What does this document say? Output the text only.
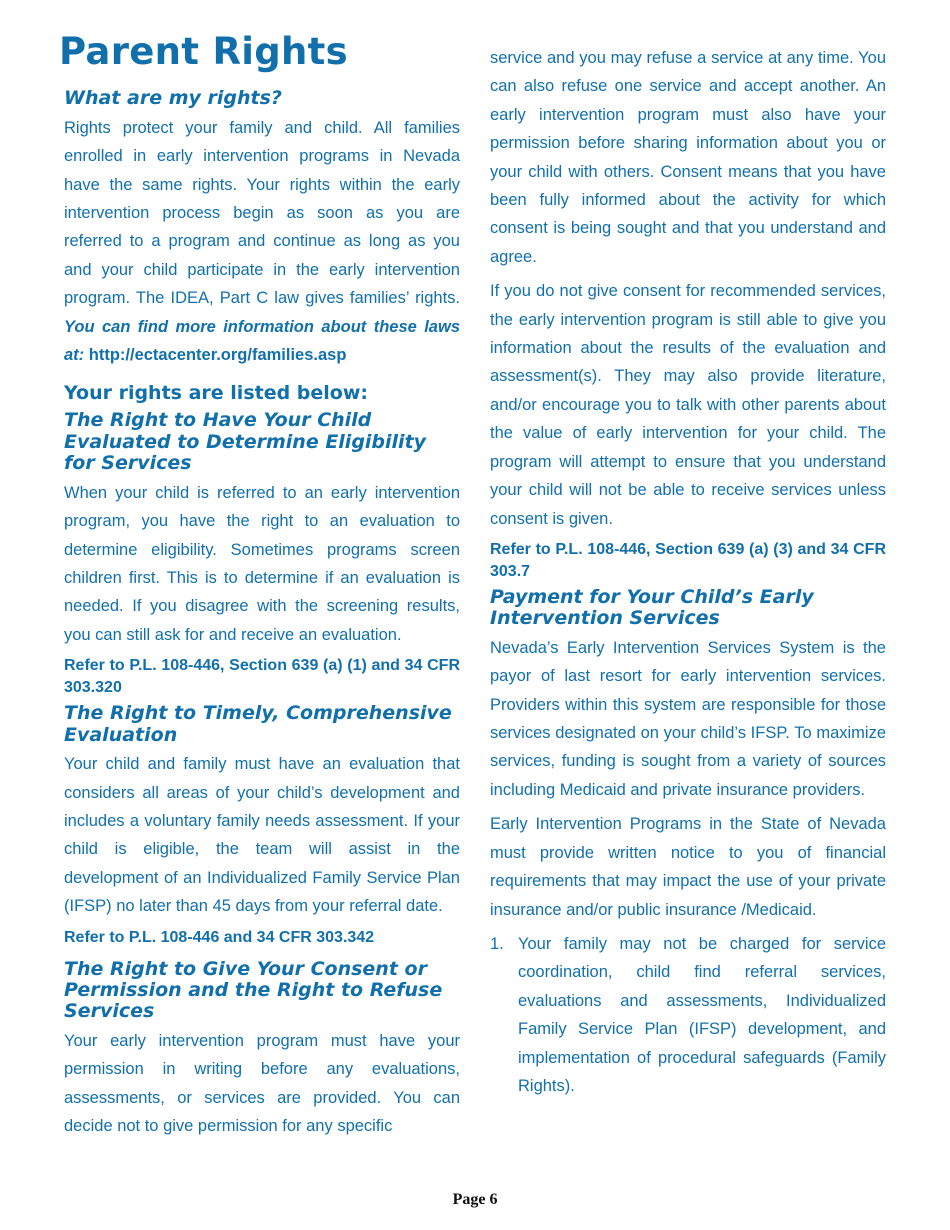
Parent Rights
What are my rights?

Rights protect your family and child. All families enrolled in early intervention programs in Nevada have the same rights. Your rights within the early intervention process begin as soon as you are referred to a program and continue as long as you and your child participate in the early intervention program. The IDEA, Part C law gives families’ rights. You can find more information about these laws at: http://ectacenter.org/families.asp

Your rights are listed below:
The Right to Have Your Child Evaluated to Determine Eligibility for Services

When your child is referred to an early intervention program, you have the right to an evaluation to determine eligibility. Sometimes programs screen children first. This is to determine if an evaluation is needed. If you disagree with the screening results, you can still ask for and receive an evaluation.

Refer to P.L. 108-446, Section 639 (a) (1) and 34 CFR 303.320
The Right to Timely, Comprehensive Evaluation

Your child and family must have an evaluation that considers all areas of your child’s development and includes a voluntary family needs assessment. If your child is eligible, the team will assist in the development of an Individualized Family Service Plan (IFSP) no later than 45 days from your referral date.

Refer to P.L. 108-446 and 34 CFR 303.342
The Right to Give Your Consent or Permission and the Right to Refuse Services

Your early intervention program must have your permission in writing before any evaluations, assessments, or services are provided. You can decide not to give permission for any specific

service and you may refuse a service at any time. You can also refuse one service and accept another. An early intervention program must also have your permission before sharing information about you or your child with others. Consent means that you have been fully informed about the activity for which consent is being sought and that you understand and agree.

If you do not give consent for recommended services, the early intervention program is still able to give you information about the results of the evaluation and assessment(s). They may also provide literature, and/or encourage you to talk with other parents about the value of early intervention for your child. The program will attempt to ensure that you understand your child will not be able to receive services unless consent is given.

Refer to P.L. 108-446, Section 639 (a) (3) and 34 CFR 303.7
Payment for Your Child’s Early Intervention Services

Nevada’s Early Intervention Services System is the payor of last resort for early intervention services. Providers within this system are responsible for those services designated on your child’s IFSP. To maximize services, funding is sought from a variety of sources including Medicaid and private insurance providers.

Early Intervention Programs in the State of Nevada must provide written notice to you of financial requirements that may impact the use of your private insurance and/or public insurance /Medicaid.

1. Your family may not be charged for service coordination, child find referral services, evaluations and assessments, Individualized Family Service Plan (IFSP) development, and implementation of procedural safeguards (Family Rights).

Page 6
